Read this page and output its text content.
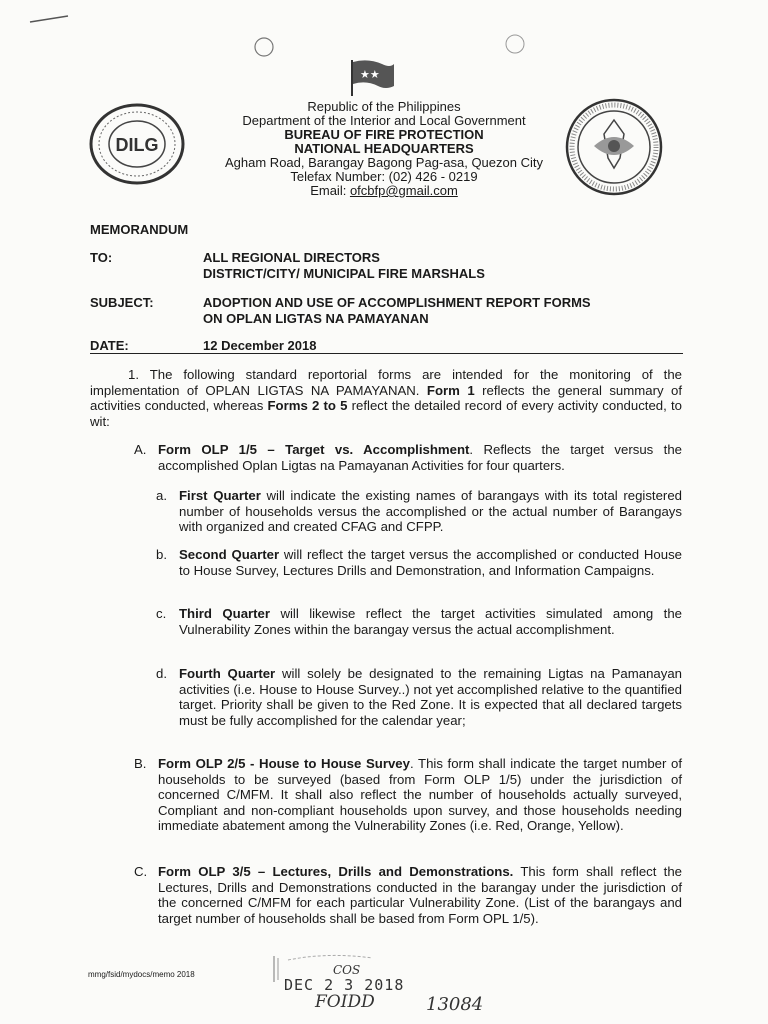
★★
DILG
Republic of the Philippines
Department of the Interior and Local Government
BUREAU OF FIRE PROTECTION
NATIONAL HEADQUARTERS
Agham Road, Barangay Bagong Pag-asa, Quezon City
Telefax Number: (02) 426 - 0219
Email: ofcbfp@gmail.com
MEMORANDUM
TO:	ALL REGIONAL DIRECTORS
DISTRICT/CITY/ MUNICIPAL FIRE MARSHALS
SUBJECT:	ADOPTION AND USE OF ACCOMPLISHMENT REPORT FORMS
ON OPLAN LIGTAS NA PAMAYANAN
DATE:	12 December 2018
1. The following standard reportorial forms are intended for the monitoring of the implementation of OPLAN LIGTAS NA PAMAYANAN. Form 1 reflects the general summary of activities conducted, whereas Forms 2 to 5 reflect the detailed record of every activity conducted, to wit:
A. Form OLP 1/5 – Target vs. Accomplishment. Reflects the target versus the accomplished Oplan Ligtas na Pamayanan Activities for four quarters.
a. First Quarter will indicate the existing names of barangays with its total registered number of households versus the accomplished or the actual number of Barangays with organized and created CFAG and CFPP.
b. Second Quarter will reflect the target versus the accomplished or conducted House to House Survey, Lectures Drills and Demonstration, and Information Campaigns.
c. Third Quarter will likewise reflect the target activities simulated among the Vulnerability Zones within the barangay versus the actual accomplishment.
d. Fourth Quarter will solely be designated to the remaining Ligtas na Pamanayan activities (i.e. House to House Survey..) not yet accomplished relative to the quantified target. Priority shall be given to the Red Zone. It is expected that all declared targets must be fully accomplished for the calendar year;
B. Form OLP 2/5 - House to House Survey. This form shall indicate the target number of households to be surveyed (based from Form OLP 1/5) under the jurisdiction of concerned C/MFM. It shall also reflect the number of households actually surveyed, Compliant and non-compliant households upon survey, and those households needing immediate abatement among the Vulnerability Zones (i.e. Red, Orange, Yellow).
C. Form OLP 3/5 – Lectures, Drills and Demonstrations. This form shall reflect the Lectures, Drills and Demonstrations conducted in the barangay under the jurisdiction of the concerned C/MFM for each particular Vulnerability Zone. (List of the barangays and target number of households shall be based from Form OPL 1/5).
mmg/fsid/mydocs/memo 2018	COS
DEC 2 3 2018
FOIDD	13084
